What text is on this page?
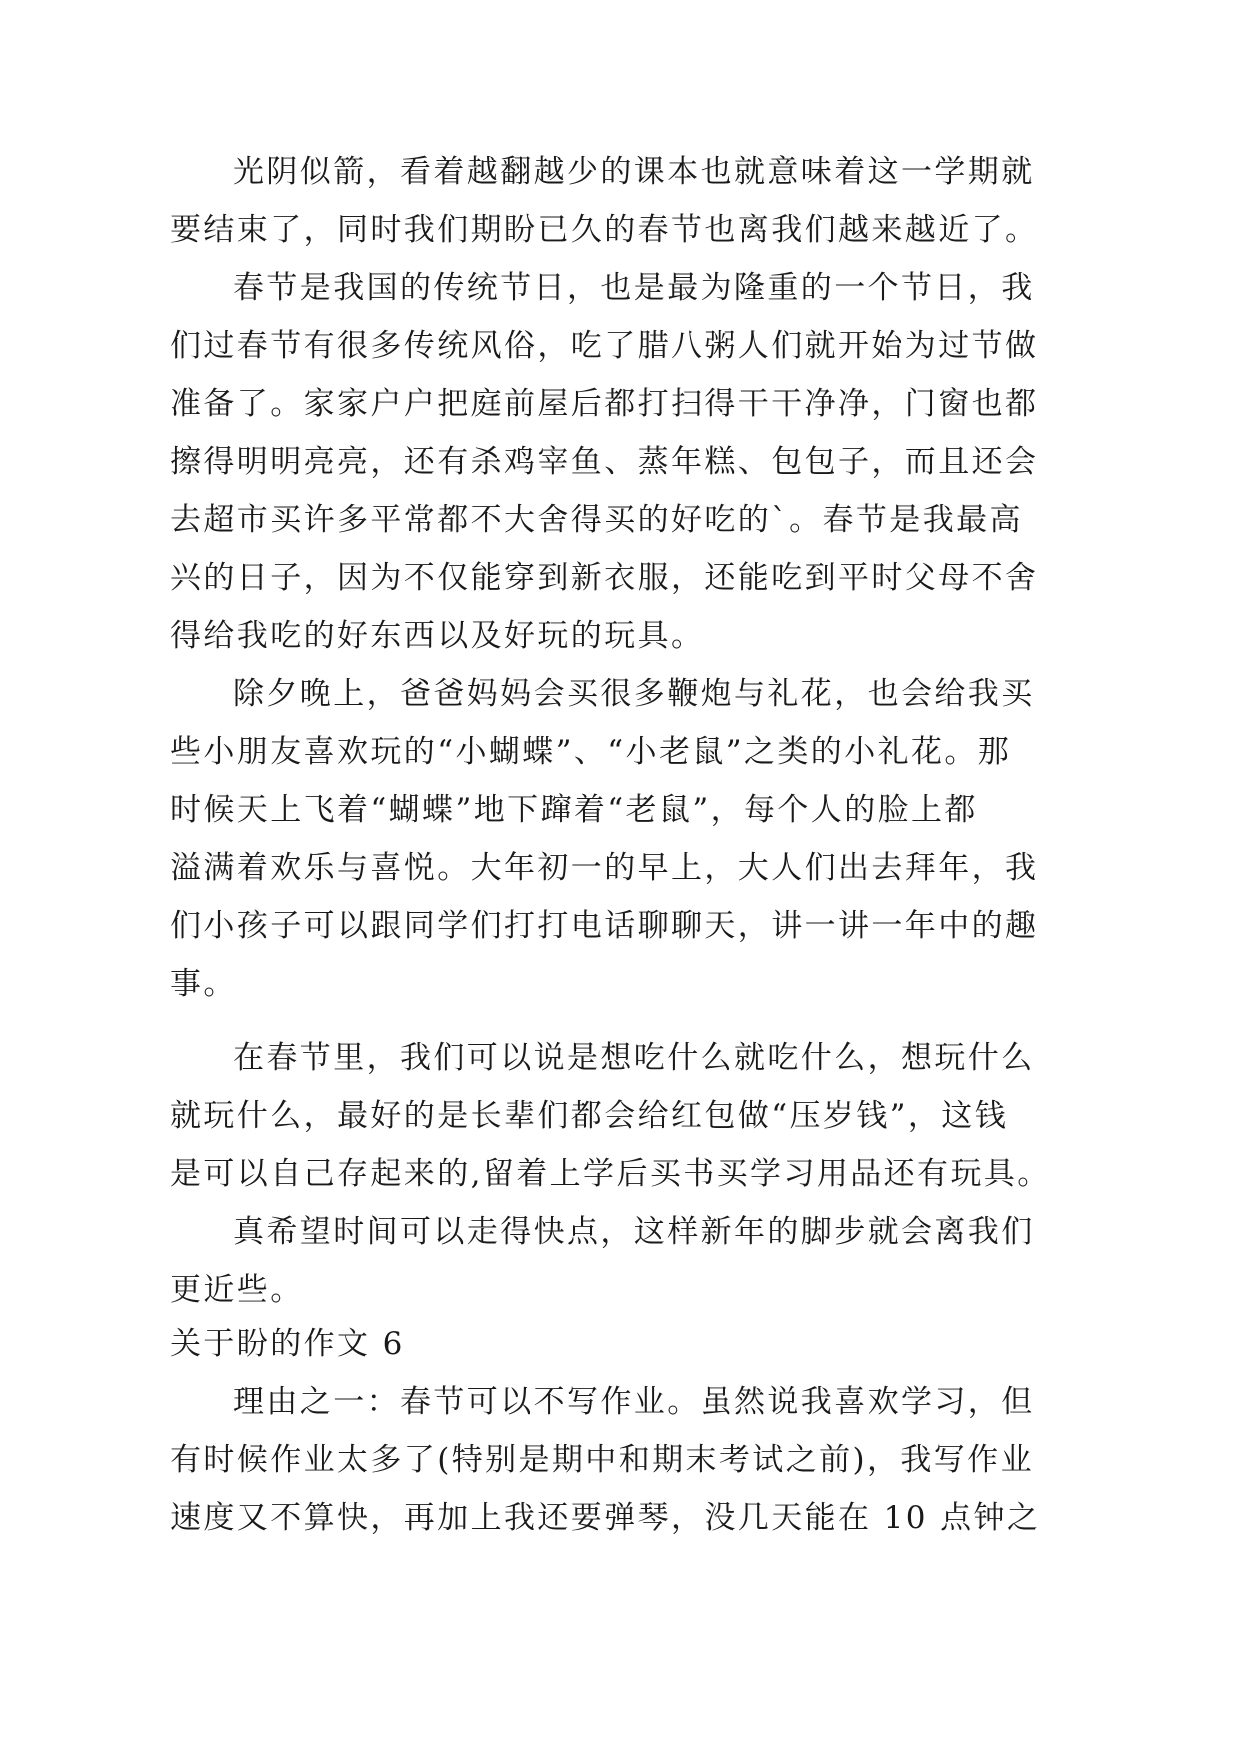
光阴似箭，看着越翻越少的课本也就意味着这一学期就
要结束了，同时我们期盼已久的春节也离我们越来越近了。
春节是我国的传统节日，也是最为隆重的一个节日，我
们过春节有很多传统风俗，吃了腊八粥人们就开始为过节做
准备了。家家户户把庭前屋后都打扫得干干净净，门窗也都
擦得明明亮亮，还有杀鸡宰鱼、蒸年糕、包包子，而且还会
去超市买许多平常都不大舍得买的好吃的`。春节是我最高
兴的日子，因为不仅能穿到新衣服，还能吃到平时父母不舍
得给我吃的好东西以及好玩的玩具。
除夕晚上，爸爸妈妈会买很多鞭炮与礼花，也会给我买
些小朋友喜欢玩的“小蝴蝶”、“小老鼠”之类的小礼花。那
时候天上飞着“蝴蝶”地下蹿着“老鼠”，每个人的脸上都
溢满着欢乐与喜悦。大年初一的早上，大人们出去拜年，我
们小孩子可以跟同学们打打电话聊聊天，讲一讲一年中的趣
事。
在春节里，我们可以说是想吃什么就吃什么，想玩什么
就玩什么，最好的是长辈们都会给红包做“压岁钱”，这钱
是可以自己存起来的,留着上学后买书买学习用品还有玩具。
真希望时间可以走得快点，这样新年的脚步就会离我们
更近些。
关于盼的作文 6
理由之一：春节可以不写作业。虽然说我喜欢学习，但
有时候作业太多了(特别是期中和期末考试之前)，我写作业
速度又不算快，再加上我还要弹琴，没几天能在 10 点钟之
